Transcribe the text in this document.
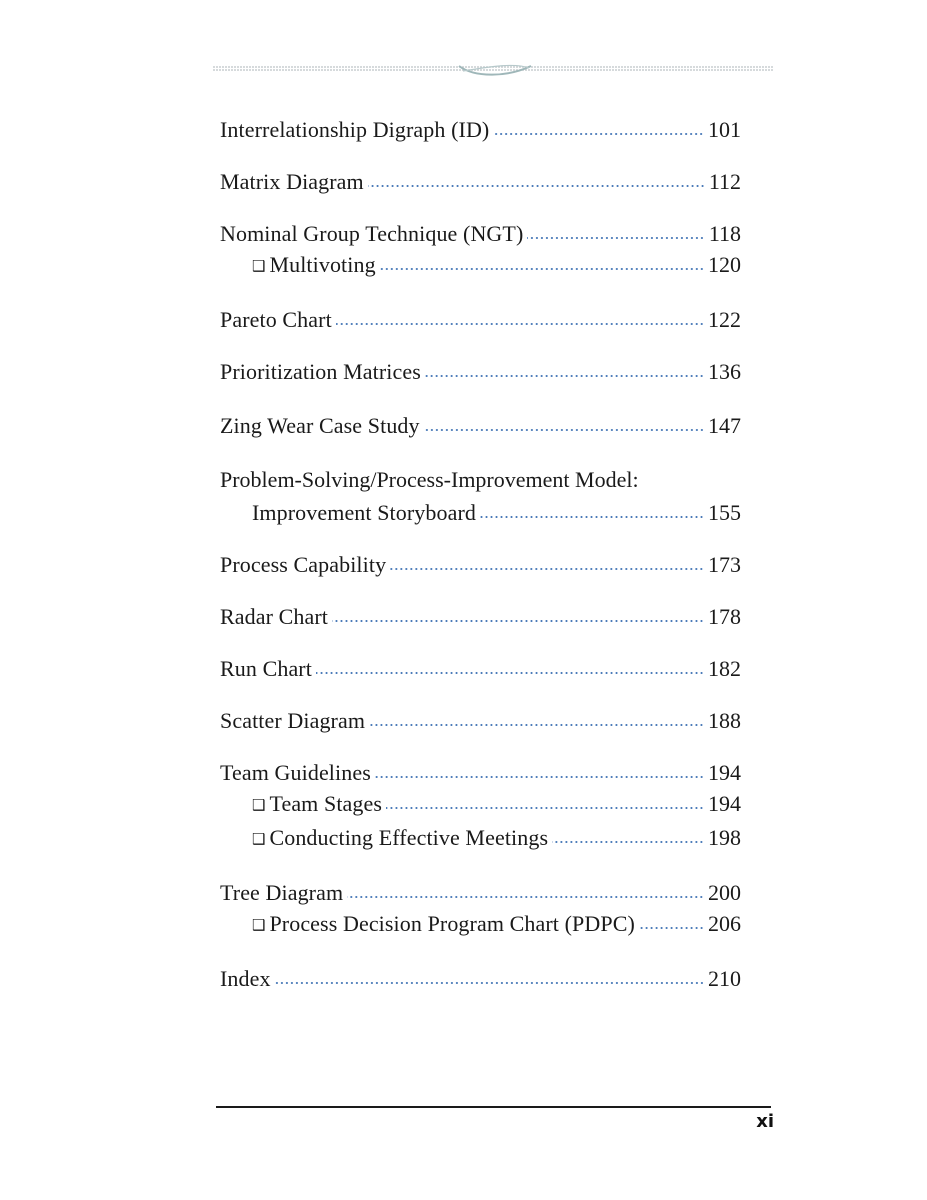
Interrelationship Digraph (ID)	101
Matrix Diagram	112
Nominal Group Technique (NGT)	118
❑ Multivoting	120
Pareto Chart	122
Prioritization Matrices	136
Zing Wear Case Study	147
Problem-Solving/Process-Improvement Model:
Improvement Storyboard	155
Process Capability	173
Radar Chart	178
Run Chart	182
Scatter Diagram	188
Team Guidelines	194
❑ Team Stages	194
❑ Conducting Effective Meetings	198
Tree Diagram	200
❑ Process Decision Program Chart (PDPC)	206
Index	210
xi
